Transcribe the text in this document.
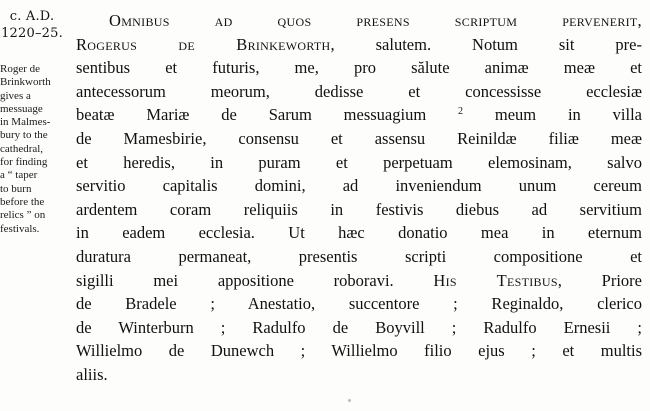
c. A.D.
1220–25.
Roger de
Brinkworth
gives a
messuage
in Malmes-
bury to the
cathedral,
for finding
a “ taper
to burn
before the
relics ” on
festivals.
Omnibus ad quos presens scriptum pervenerit,
Rogerus de Brinkeworth, salutem. Notum sit pre-
sentibus et futuris, me, pro sălute animæ meæ et
antecessorum meorum, dedisse et concessisse ecclesiæ
beatæ Mariæ de Sarum messuagium	$^2$ meum in villa
de Mamesbirie, consensu et assensu Reinildæ filiæ meæ
et heredis, in puram et perpetuam elemosinam, salvo
servitio capitalis domini, ad inveniendum unum cereum
ardentem coram reliquiis in festivis diebus ad servitium
in eadem ecclesia. Ut hæc donatio mea in eternum
duratura permaneat, presentis scripti compositione et
sigilli mei appositione roboravi. His Testibus, Priore
de Bradele ; Anestatio, succentore ; Reginaldo, clerico
de Winterburn ; Radulfo de Boyvill ; Radulfo Ernesii ;
Willielmo de Dunewch ; Willielmo filio ejus ; et multis
aliis.
